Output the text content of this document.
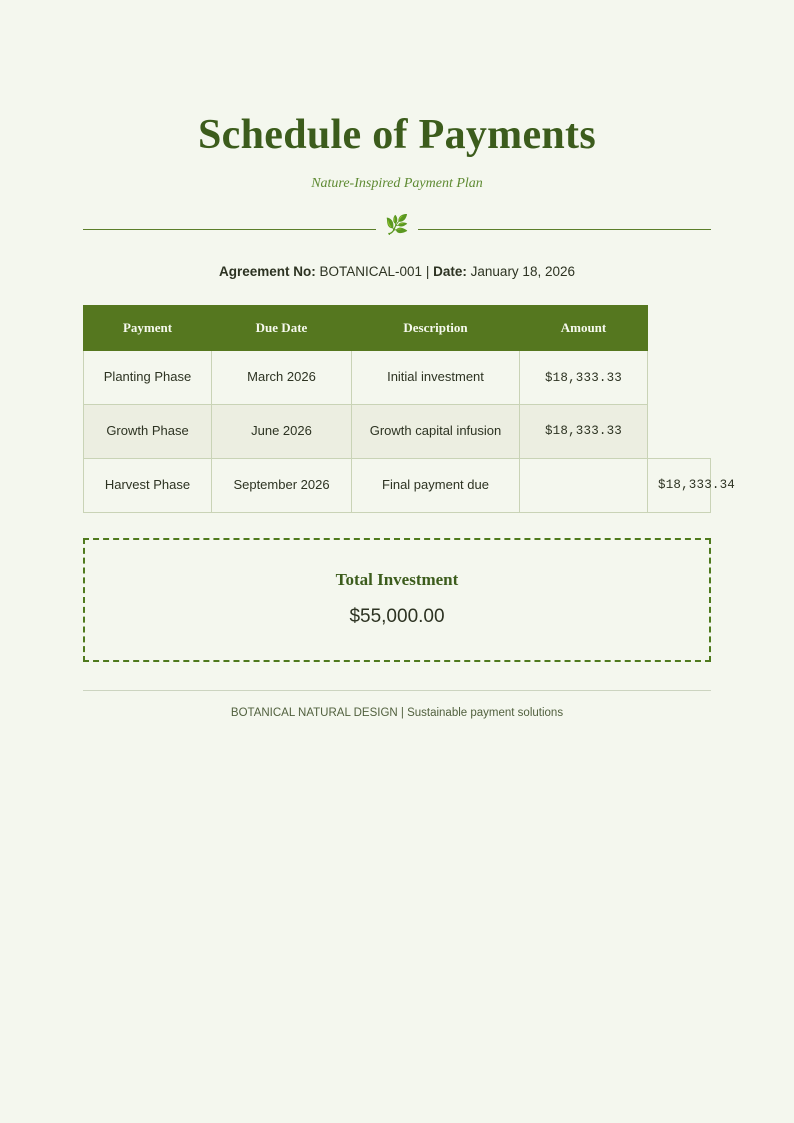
Schedule of Payments
Nature-Inspired Payment Plan
🌿
Agreement No: BOTANICAL-001 | Date: January 18, 2026
Payment	Due Date	Description	Amount	
Planting Phase	March 2026	Initial investment	$18,333.33	
Growth Phase	June 2026	Growth capital infusion	$18,333.33	
Harvest Phase	September 2026	Final payment due		$18,333.34
Total Investment
$55,000.00
BOTANICAL NATURAL DESIGN | Sustainable payment solutions
